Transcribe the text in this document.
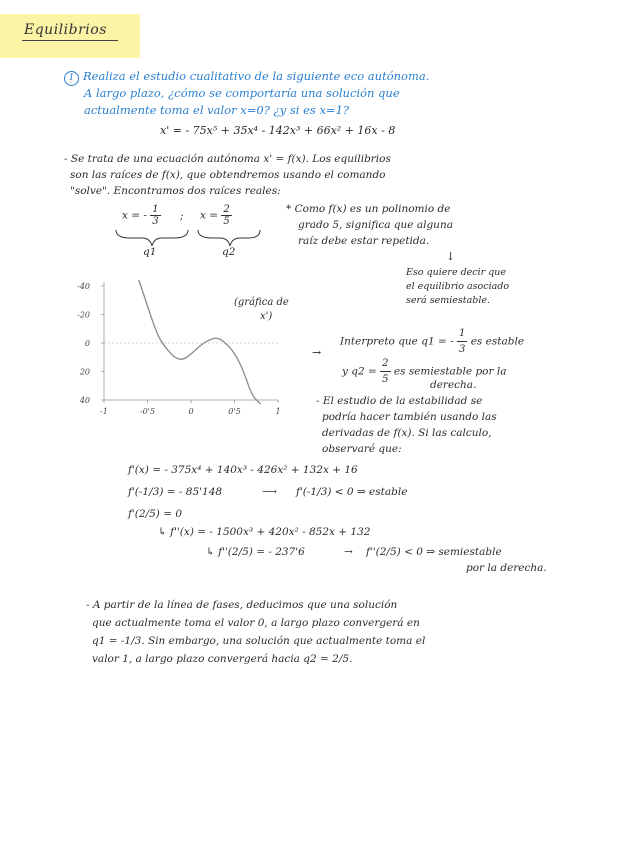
Equilibrios
1 Realiza el estudio cualitativo de la siguiente eco autónoma.
A largo plazo, ¿cómo se comportaría una solución que
actualmente toma el valor x=0? ¿y si es x=1?
x' = - 75x⁵ + 35x⁴ - 142x³ + 66x² + 16x - 8
- Se trata de una ecuación autónoma x' = f(x). Los equilibrios
son las raíces de f(x), que obtendremos usando el comando
"solve". Encontramos dos raíces reales:
x = - $\frac{1}{3}$ ; $x = \frac{2}{5}$
q1	q2
* Como f(x) es un polinomio de
grado 5, significa que alguna
raíz debe estar repetida.
↓
Eso quiere decir que
el equilibrio asociado
será semiestable.
40
20
0
-20
-40
-1	-0'5	0	0'5	1
(gráfica de
x')
→
Interpreto que q1 = - $\frac{1}{3}$ es estable
y $q2 = \frac{2}{5}$ es semiestable por la
derecha.
- El estudio de la estabilidad se
podría hacer también usando las
derivadas de f(x). Si las calculo,
observaré que:
f'(x) = - 375x⁴ + 140x³ - 426x² + 132x + 16
f'(-1/3) = - 85'148	⟶ f'(-1/3) < 0 ⇒ estable
f'(2/5) = 0
↳ f''(x) = - 1500x³ + 420x² - 852x + 132
↳ f''(2/5) = - 237'6	→ f''(2/5) < 0 ⇒ semiestable
por la derecha.
- A partir de la línea de fases, deducimos que una solución
que actualmente toma el valor 0, a largo plazo convergerá en
q1 = -1/3. Sin embargo, una solución que actualmente toma el
valor 1, a largo plazo convergerá hacia q2 = 2/5.
